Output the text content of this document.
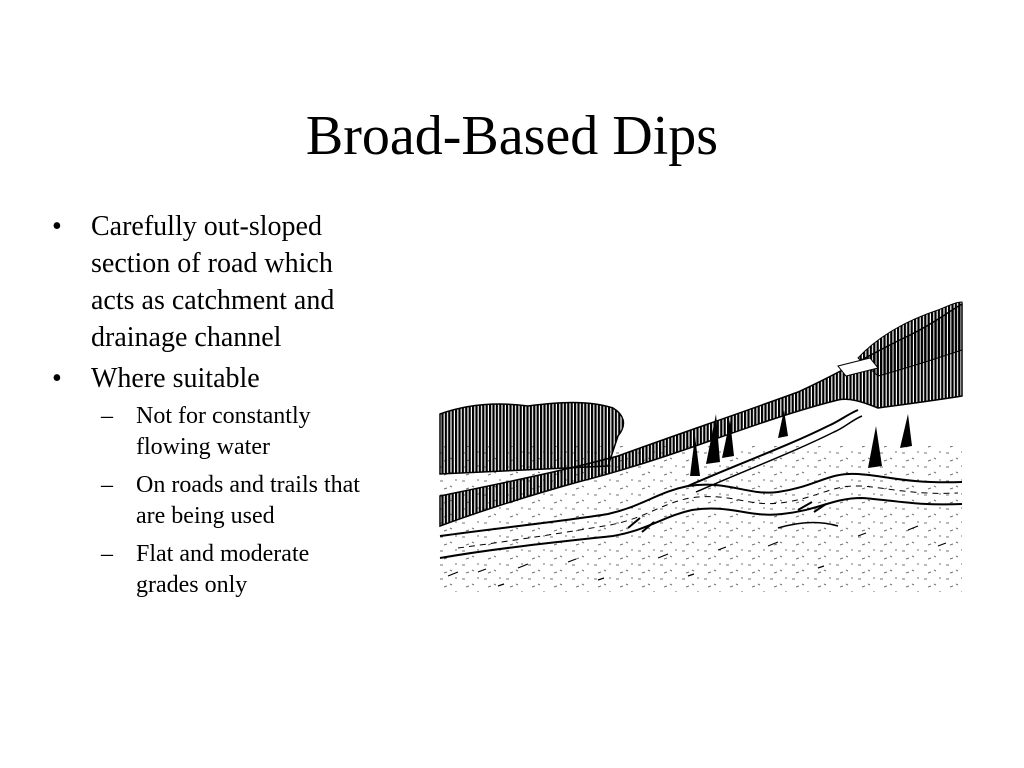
Broad-Based Dips
• Carefully out-sloped section of road which acts as catchment and drainage channel
• Where suitable
– Not for constantly flowing water
– On roads and trails that are being used
– Flat and moderate grades only
